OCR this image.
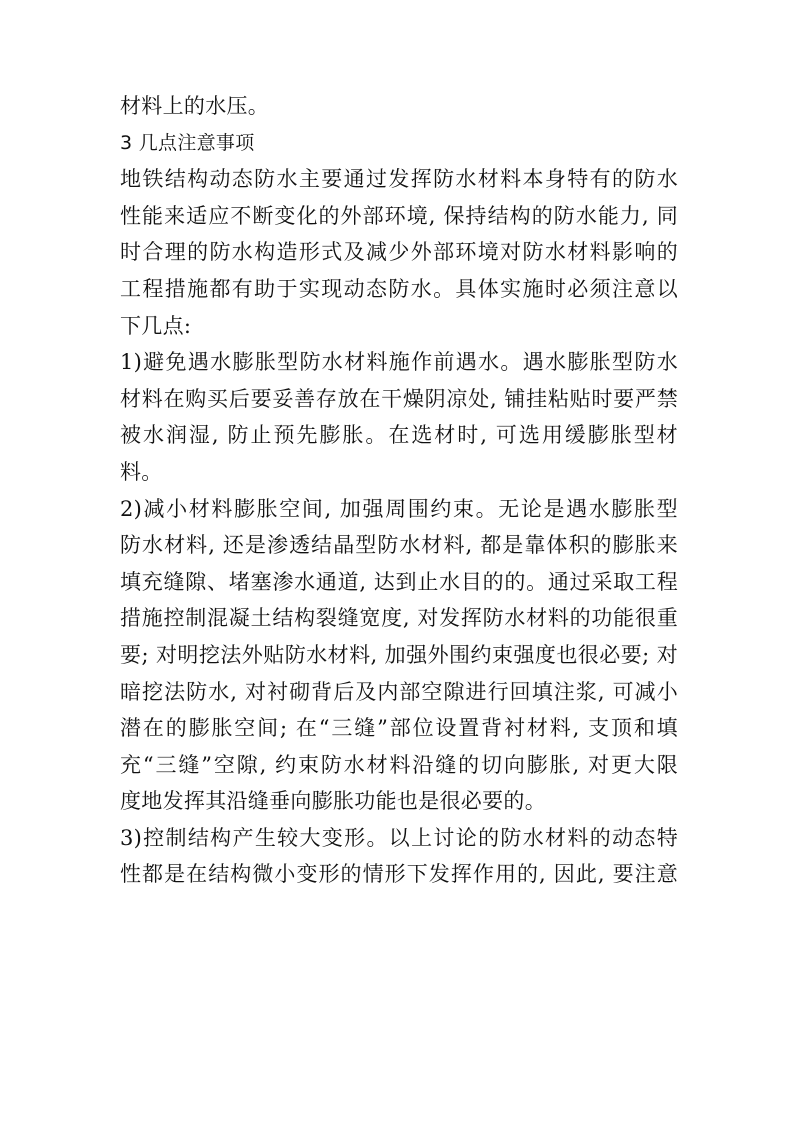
材料上的水压。
3 几点注意事项
地铁结构动态防水主要通过发挥防水材料本身特有的防水
性能来适应不断变化的外部环境, 保持结构的防水能力, 同
时合理的防水构造形式及减少外部环境对防水材料影响的
工程措施都有助于实现动态防水。具体实施时必须注意以
下几点:
1)避免遇水膨胀型防水材料施作前遇水。遇水膨胀型防水
材料在购买后要妥善存放在干燥阴凉处, 铺挂粘贴时要严禁
被水润湿, 防止预先膨胀。在选材时, 可选用缓膨胀型材
料。
2)减小材料膨胀空间, 加强周围约束。无论是遇水膨胀型
防水材料, 还是渗透结晶型防水材料, 都是靠体积的膨胀来
填充缝隙、堵塞渗水通道, 达到止水目的的。通过采取工程
措施控制混凝土结构裂缝宽度, 对发挥防水材料的功能很重
要; 对明挖法外贴防水材料, 加强外围约束强度也很必要; 对
暗挖法防水, 对衬砌背后及内部空隙进行回填注浆, 可减小
潜在的膨胀空间; 在“三缝”部位设置背衬材料, 支顶和填
充“三缝”空隙, 约束防水材料沿缝的切向膨胀, 对更大限
度地发挥其沿缝垂向膨胀功能也是很必要的。
3)控制结构产生较大变形。以上讨论的防水材料的动态特
性都是在结构微小变形的情形下发挥作用的, 因此, 要注意
